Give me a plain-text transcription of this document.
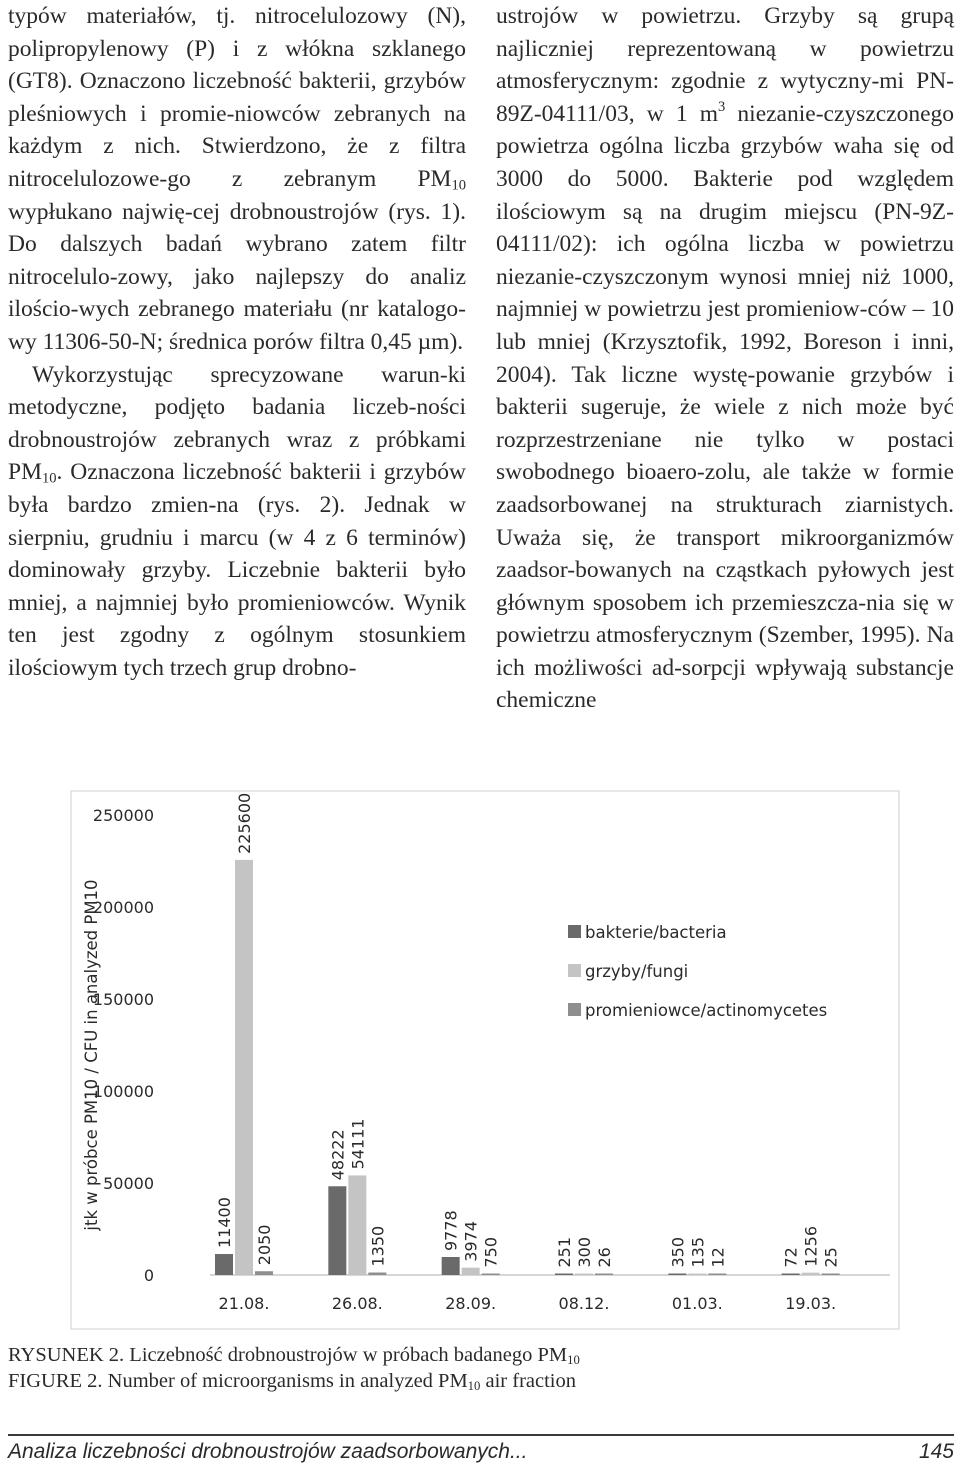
typów materiałów, tj. nitrocelulozowy (N), polipropylenowy (P) i z włókna szklanego (GT8). Oznaczono liczebność bakterii, grzybów pleśniowych i promie-niowców zebranych na każdym z nich. Stwierdzono, że z filtra nitrocelulozowe-go z zebranym $PM_{10}$ wypłukano najwię-cej drobnoustrojów (rys. 1). Do dalszych badań wybrano zatem filtr nitrocelulo-zowy, jako najlepszy do analiz ilościo-wych zebranego materiału (nr katalogo-wy 11306-50-N; średnica porów filtra 0,45 µm).

Wykorzystując sprecyzowane warun-ki metodyczne, podjęto badania liczeb-ności drobnoustrojów zebranych wraz z próbkami $PM_{10}$. Oznaczona liczebność bakterii i grzybów była bardzo zmien-na (rys. 2). Jednak w sierpniu, grudniu i marcu (w 4 z 6 terminów) dominowały grzyby. Liczebnie bakterii było mniej, a najmniej było promieniowców. Wynik ten jest zgodny z ogólnym stosunkiem ilościowym tych trzech grup drobno-

ustrojów w powietrzu. Grzyby są grupą najliczniej reprezentowaną w powietrzu atmosferycznym: zgodnie z wytyczny-mi PN-89Z-04111/03, w 1 $m^3$ niezanie-czyszczonego powietrza ogólna liczba grzybów waha się od 3000 do 5000. Bakterie pod względem ilościowym są na drugim miejscu (PN-9Z-04111/02): ich ogólna liczba w powietrzu niezanie-czyszczonym wynosi mniej niż 1000, najmniej w powietrzu jest promieniow-ców – 10 lub mniej (Krzysztofik, 1992, Boreson i inni, 2004). Tak liczne wystę-powanie grzybów i bakterii sugeruje, że wiele z nich może być rozprzestrzeniane nie tylko w postaci swobodnego bioaero-zolu, ale także w formie zaadsorbowanej na strukturach ziarnistych. Uważa się, że transport mikroorganizmów zaadsor-bowanych na cząstkach pyłowych jest głównym sposobem ich przemieszcza-nia się w powietrzu atmosferycznym (Szember, 1995). Na ich możliwości ad-sorpcji wpływają substancje chemiczne

0
50000
100000
150000
200000
250000
jtk w próbce PM10 / CFU in analyzed PM10	11400
225600
2050
21.08.
48222 54111
1350
26.08.
9778 3974 750
28.09.
251 300 26
08.12.
350 135 12
01.03.
72 1256 25
19.03.
bakterie/bacteria
grzyby/fungi
promieniowce/actinomycetes
RYSUNEK 2. Liczebność drobnoustrojów w próbach badanego $PM_{10}$
FIGURE 2. Number of microorganisms in analyzed $PM_{10}$ air fraction
Analiza liczebności drobnoustrojów zaadsorbowanych...	145
